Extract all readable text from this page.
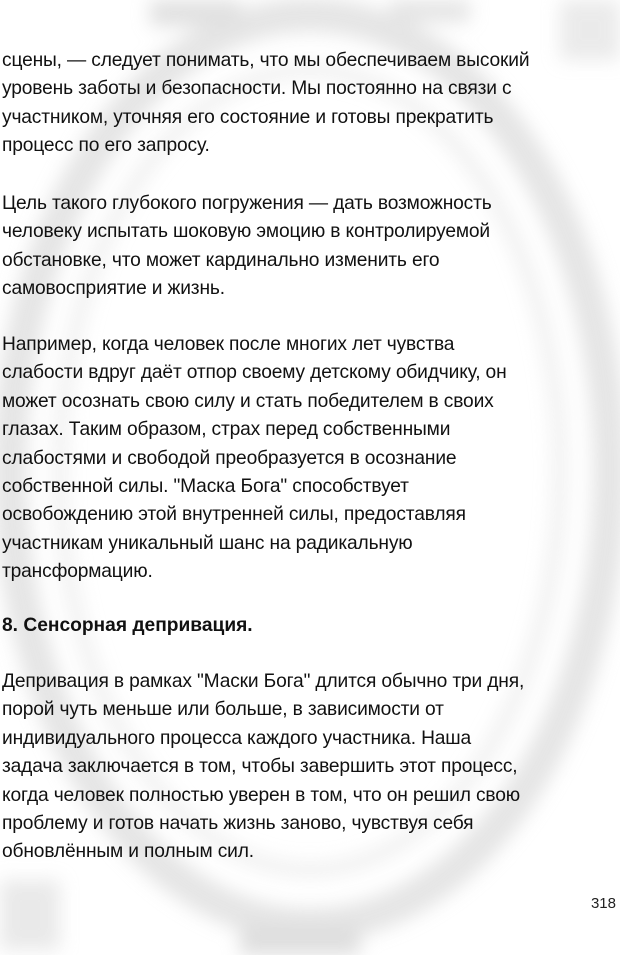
сцены, — следует понимать, что мы обеспечиваем высокий
уровень заботы и безопасности. Мы постоянно на связи с
участником, уточняя его состояние и готовы прекратить
процесс по его запросу.

Цель такого глубокого погружения — дать возможность
человеку испытать шоковую эмоцию в контролируемой
обстановке, что может кардинально изменить его
самовосприятие и жизнь.

Например, когда человек после многих лет чувства
слабости вдруг даёт отпор своему детскому обидчику, он
может осознать свою силу и стать победителем в своих
глазах. Таким образом, страх перед собственными
слабостями и свободой преобразуется в осознание
собственной силы. "Маска Бога" способствует
освобождению этой внутренней силы, предоставляя
участникам уникальный шанс на радикальную
трансформацию.

8. Сенсорная депривация.

Депривация в рамках "Маски Бога" длится обычно три дня,
порой чуть меньше или больше, в зависимости от
индивидуального процесса каждого участника. Наша
задача заключается в том, чтобы завершить этот процесс,
когда человек полностью уверен в том, что он решил свою
проблему и готов начать жизнь заново, чувствуя себя
обновлённым и полным сил.

318
